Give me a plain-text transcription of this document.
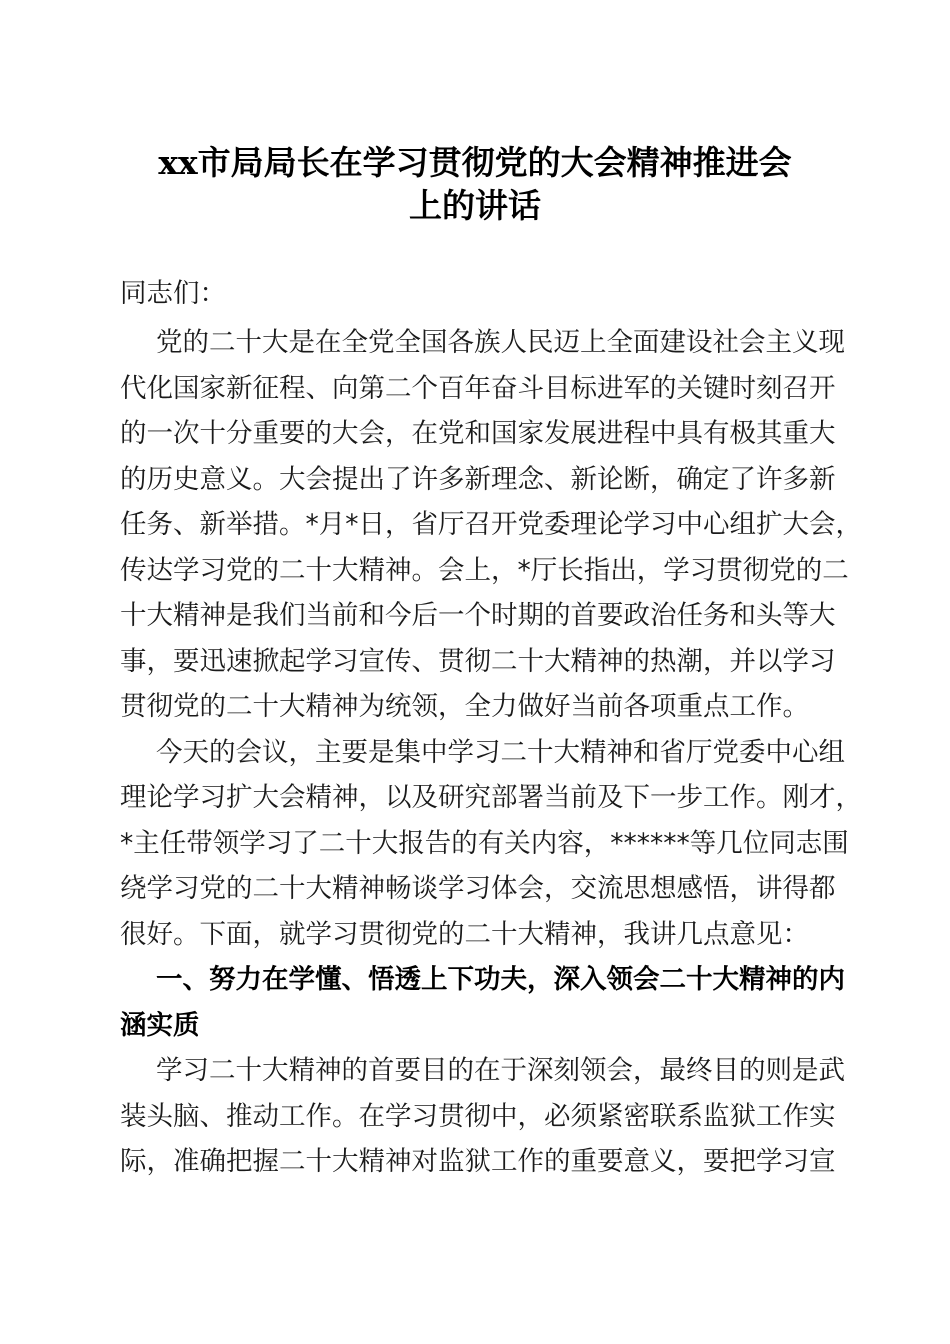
xx市局局长在学习贯彻党的大会精神推进会
上的讲话
同志们：
党的二十大是在全党全国各族人民迈上全面建设社会主义现
代化国家新征程、向第二个百年奋斗目标进军的关键时刻召开
的一次十分重要的大会，在党和国家发展进程中具有极其重大
的历史意义。大会提出了许多新理念、新论断，确定了许多新
任务、新举措。*月*日，省厅召开党委理论学习中心组扩大会，
传达学习党的二十大精神。会上，*厅长指出，学习贯彻党的二
十大精神是我们当前和今后一个时期的首要政治任务和头等大
事，要迅速掀起学习宣传、贯彻二十大精神的热潮，并以学习
贯彻党的二十大精神为统领，全力做好当前各项重点工作。
今天的会议，主要是集中学习二十大精神和省厅党委中心组
理论学习扩大会精神，以及研究部署当前及下一步工作。刚才，
*主任带领学习了二十大报告的有关内容，******等几位同志围
绕学习党的二十大精神畅谈学习体会，交流思想感悟，讲得都
很好。下面，就学习贯彻党的二十大精神，我讲几点意见：
一、努力在学懂、悟透上下功夫，深入领会二十大精神的内
涵实质
学习二十大精神的首要目的在于深刻领会，最终目的则是武
装头脑、推动工作。在学习贯彻中，必须紧密联系监狱工作实
际，准确把握二十大精神对监狱工作的重要意义，要把学习宣
